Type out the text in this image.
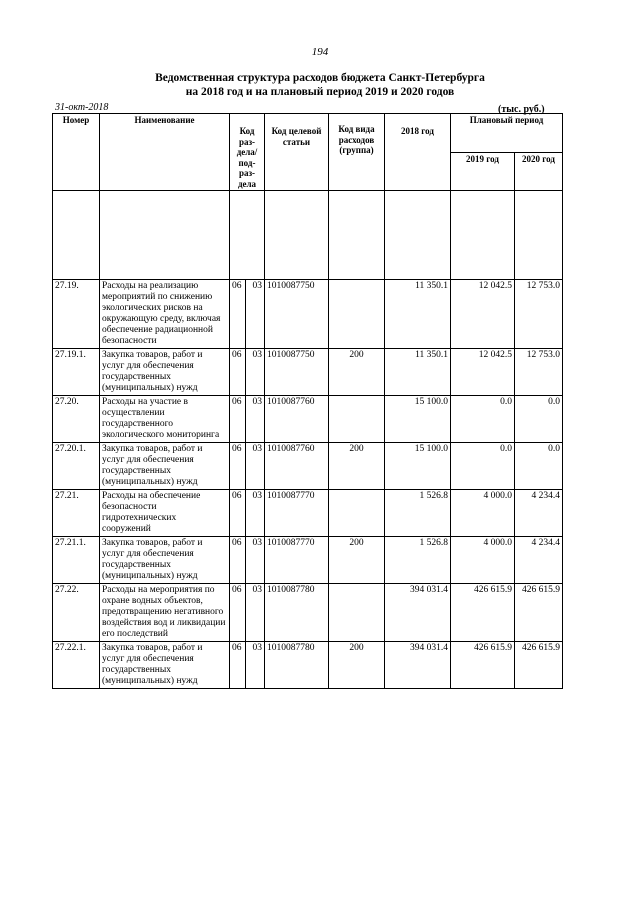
194
Ведомственная структура расходов бюджета Санкт-Петербурга
на 2018 год и на плановый период 2019 и 2020 годов
31-окт-2018	(тыс. руб.)
Номер	Наименование	Код раз-дела/ под-раз-дела		Код целевой статьи	Код вида расходов (группа)	2018 год	Плановый период	
							2019 год	2020 год

27.19.	Расходы на реализацию мероприятий по снижению экологических рисков на окружающую среду, включая обеспечение радиационной безопасности	06	03	1010087750		11 350.1	12 042.5	12 753.0
27.19.1.	Закупка товаров, работ и услуг для обеспечения государственных (муниципальных) нужд	06	03	1010087750	200	11 350.1	12 042.5	12 753.0
27.20.	Расходы на участие в осуществлении государственного экологического мониторинга	06	03	1010087760		15 100.0	0.0	0.0
27.20.1.	Закупка товаров, работ и услуг для обеспечения государственных (муниципальных) нужд	06	03	1010087760	200	15 100.0	0.0	0.0
27.21.	Расходы на обеспечение безопасности гидротехнических сооружений	06	03	1010087770		1 526.8	4 000.0	4 234.4
27.21.1.	Закупка товаров, работ и услуг для обеспечения государственных (муниципальных) нужд	06	03	1010087770	200	1 526.8	4 000.0	4 234.4
27.22.	Расходы на мероприятия по охране водных объектов, предотвращению негативного воздействия вод и ликвидации его последствий	06	03	1010087780		394 031.4	426 615.9	426 615.9
27.22.1.	Закупка товаров, работ и услуг для обеспечения государственных (муниципальных) нужд	06	03	1010087780	200	394 031.4	426 615.9	426 615.9
